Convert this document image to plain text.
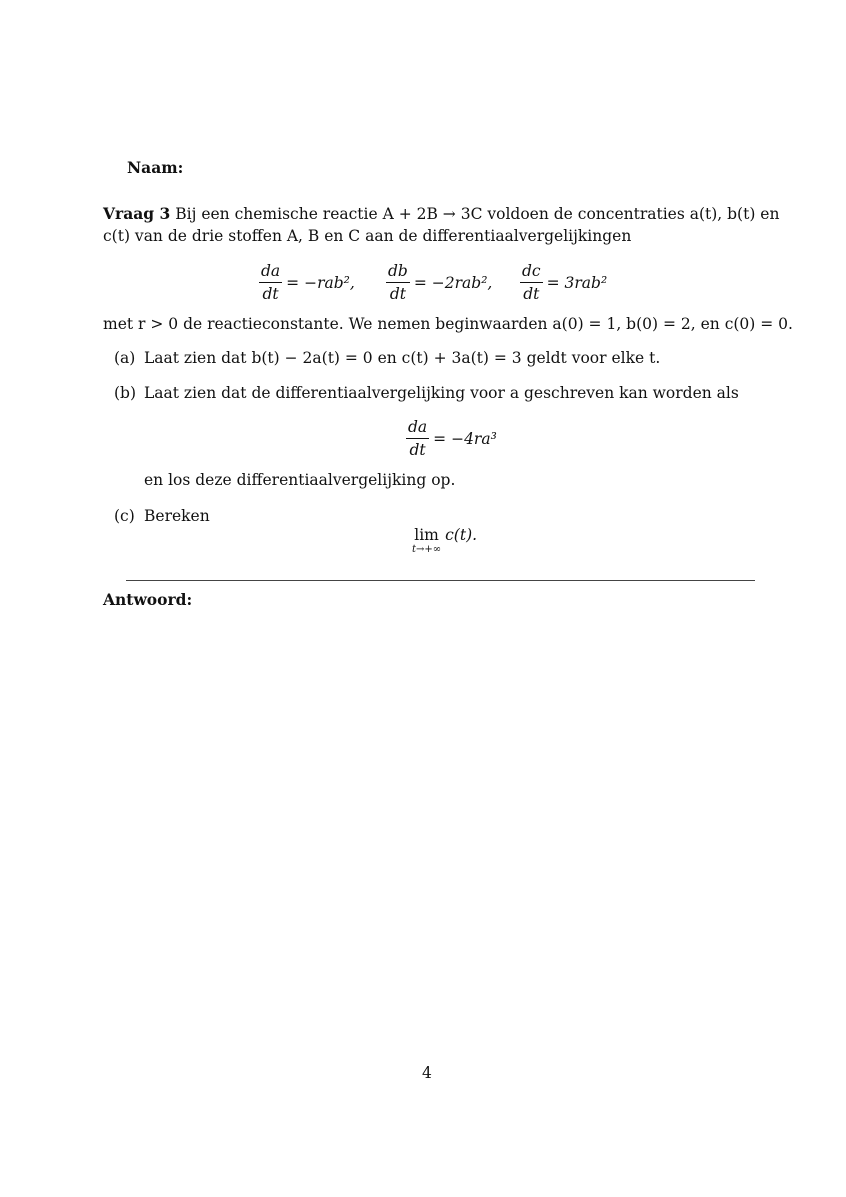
Naam:
Vraag 3 Bij een chemische reactie A + 2B → 3C voldoen de concentraties a(t), b(t) en
c(t) van de drie stoffen A, B en C aan de differentiaalvergelijkingen
$\frac{da}{dt} = -rab^2$, $\frac{db}{dt} = -2rab^2$, $\frac{dc}{dt} = 3rab^2$
met r > 0 de reactieconstante. We nemen beginwaarden a(0) = 1, b(0) = 2, en c(0) = 0.
(a) Laat zien dat b(t) − 2a(t) = 0 en c(t) + 3a(t) = 3 geldt voor elke t.
(b) Laat zien dat de differentiaalvergelijking voor a geschreven kan worden als
$\frac{da}{dt} = -4ra^3$
en los deze differentiaalvergelijking op.
(c) Bereken
lim
t→+∞
c(t).
Antwoord:
4
